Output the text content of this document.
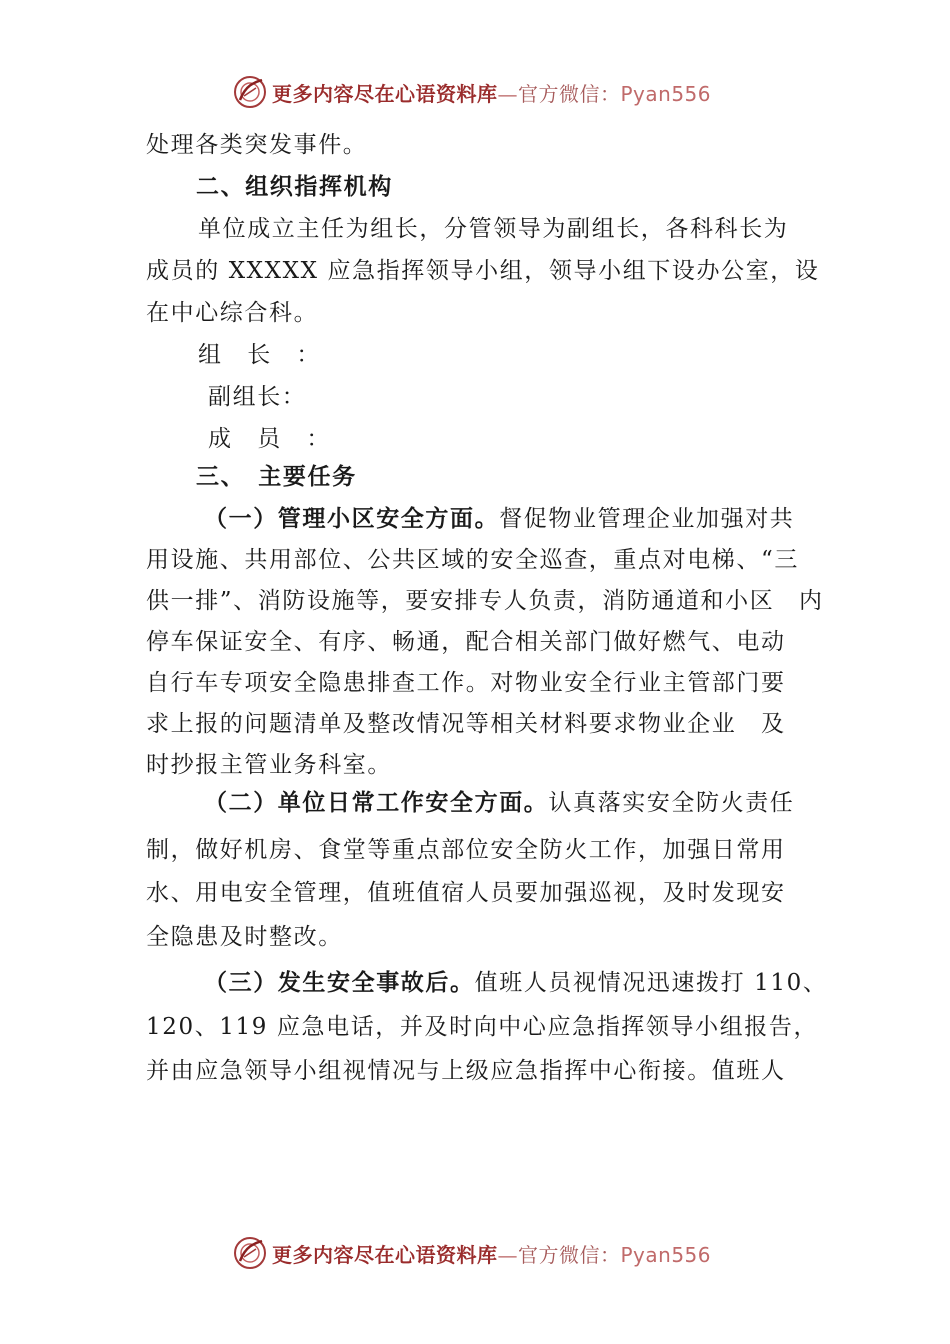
更多内容尽在心语资料库—官方微信：Pyan556
处理各类突发事件。
二、组织指挥机构
单位成立主任为组长，分管领导为副组长，各科科长为
成员的 XXXXX 应急指挥领导小组，领导小组下设办公室，设
在中心综合科。
组　长　：
副组长：
成　员　：
三、　主要任务
（一）管理小区安全方面。督促物业管理企业加强对共
用设施、共用部位、公共区域的安全巡查，重点对电梯、“三
供一排”、消防设施等，要安排专人负责，消防通道和小区　内
停车保证安全、有序、畅通，配合相关部门做好燃气、电动
自行车专项安全隐患排查工作。对物业安全行业主管部门要
求上报的问题清单及整改情况等相关材料要求物业企业　及
时抄报主管业务科室。
（二）单位日常工作安全方面。认真落实安全防火责任
制，做好机房、食堂等重点部位安全防火工作，加强日常用
水、用电安全管理，值班值宿人员要加强巡视，及时发现安
全隐患及时整改。
（三）发生安全事故后。值班人员视情况迅速拨打 110、
120、119 应急电话，并及时向中心应急指挥领导小组报告，
并由应急领导小组视情况与上级应急指挥中心衔接。值班人
更多内容尽在心语资料库—官方微信：Pyan556
